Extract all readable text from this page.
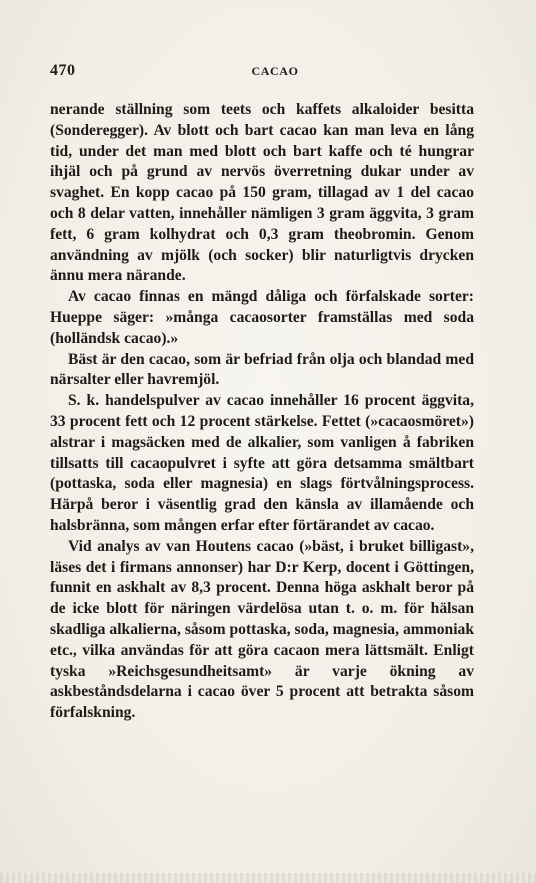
470	CACAO

nerande ställning som teets och kaffets alkaloider besitta (Sonderegger). Av blott och bart cacao kan man leva en lång tid, under det man med blott och bart kaffe och té hungrar ihjäl och på grund av nervös överretning dukar under av svaghet. En kopp cacao på 150 gram, tillagad av 1 del cacao och 8 delar vatten, innehåller nämligen 3 gram äggvita, 3 gram fett, 6 gram kolhydrat och 0,3 gram theobromin. Genom användning av mjölk (och socker) blir naturligtvis drycken ännu mera närande.

Av cacao finnas en mängd dåliga och förfalskade sorter: Hueppe säger: »många cacaosorter framställas med soda (holländsk cacao).»

Bäst är den cacao, som är befriad från olja och blandad med närsalter eller havremjöl.

S. k. handelspulver av cacao innehåller 16 procent äggvita, 33 procent fett och 12 procent stärkelse. Fettet (»cacaosmöret») alstrar i magsäcken med de alkalier, som vanligen å fabriken tillsatts till cacaopulvret i syfte att göra detsamma smältbart (pottaska, soda eller magnesia) en slags förtvålningsprocess. Härpå beror i väsentlig grad den känsla av illamående och halsbränna, som mången erfar efter förtärandet av cacao.

Vid analys av van Houtens cacao (»bäst, i bruket billigast», läses det i firmans annonser) har D:r Kerp, docent i Göttingen, funnit en askhalt av 8,3 procent. Denna höga askhalt beror på de icke blott för näringen värdelösa utan t. o. m. för hälsan skadliga alkalierna, såsom pottaska, soda, magnesia, ammoniak etc., vilka användas för att göra cacaon mera lättsmält. Enligt tyska »Reichsgesundheitsamt» är varje ökning av askbeståndsdelarna i cacao över 5 procent att betrakta såsom förfalskning.
